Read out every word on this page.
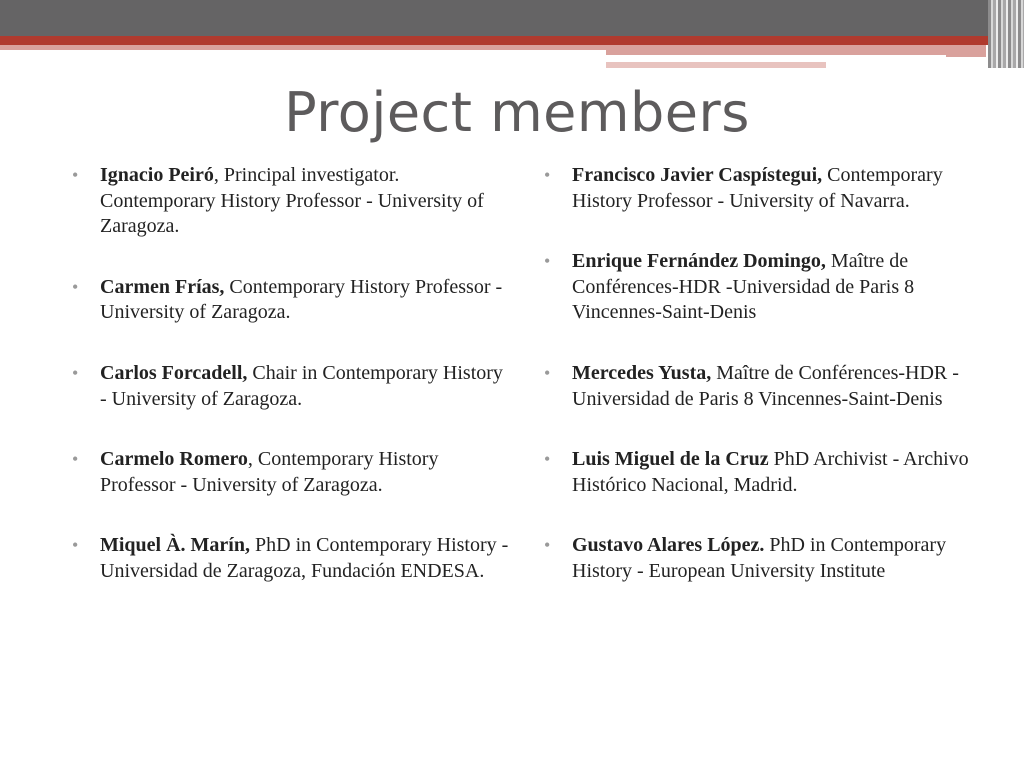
Project members
• Ignacio Peiró, Principal investigator. Contemporary History Professor - University of Zaragoza.
• Carmen Frías, Contemporary History Professor - University of Zaragoza.
• Carlos Forcadell, Chair in Contemporary History - University of Zaragoza.
• Carmelo Romero, Contemporary History Professor - University of Zaragoza.
• Miquel À. Marín, PhD in Contemporary History - Universidad de Zaragoza, Fundación ENDESA.
• Francisco Javier Caspístegui, Contemporary History Professor - University of Navarra.
• Enrique Fernández Domingo, Maître de Conférences-HDR -Universidad de Paris 8 Vincennes-Saint-Denis
• Mercedes Yusta, Maître de Conférences-HDR -Universidad de Paris 8 Vincennes-Saint-Denis
• Luis Miguel de la Cruz PhD Archivist - Archivo Histórico Nacional, Madrid.
• Gustavo Alares López. PhD in Contemporary History - European University Institute
